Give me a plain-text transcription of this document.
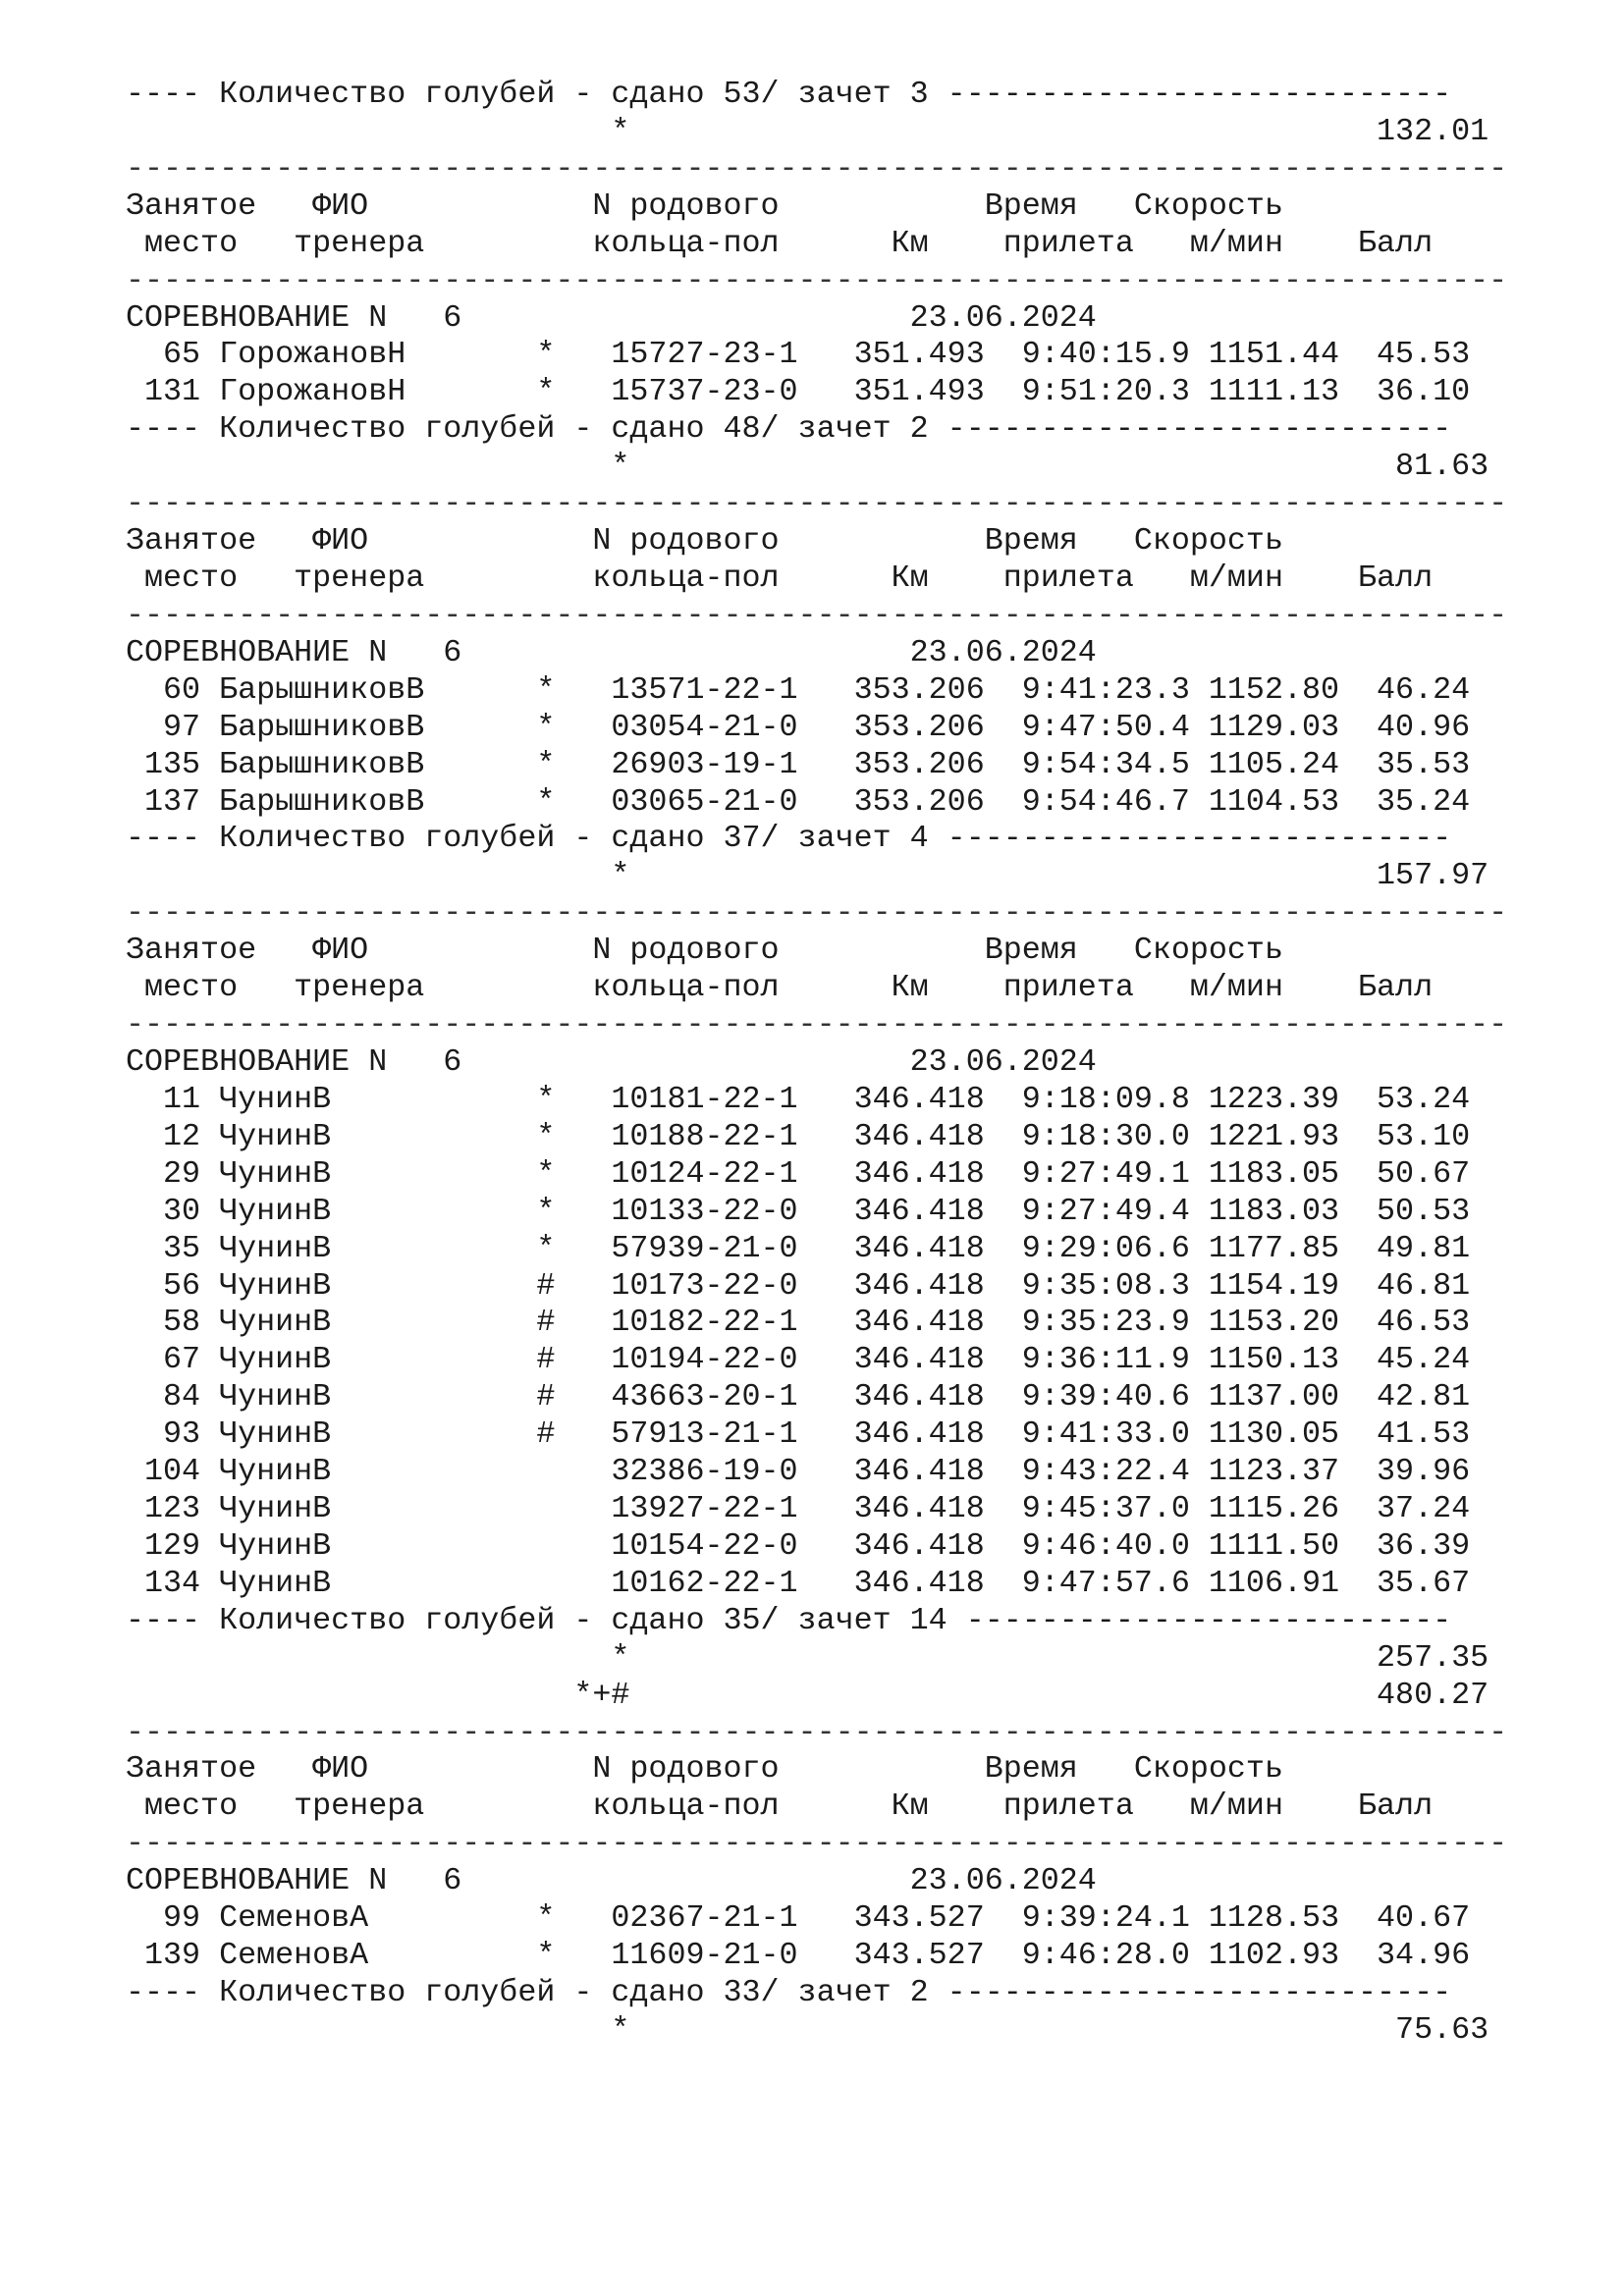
---- Количество голубей - сдано 53/ зачет 3 ---------------------------
*                                        132.01
--------------------------------------------------------------------------
Занятое   ФИО            N родового           Время   Скорость
место   тренера         кольца-пол      Км    прилета   м/мин    Балл
--------------------------------------------------------------------------
СОРЕВНОВАНИЕ N   6                        23.06.2024
65 ГорожановН       *   15727-23-1   351.493  9:40:15.9 1151.44  45.53
131 ГорожановН       *   15737-23-0   351.493  9:51:20.3 1111.13  36.10
---- Количество голубей - сдано 48/ зачет 2 ---------------------------
*                                         81.63
--------------------------------------------------------------------------
Занятое   ФИО            N родового           Время   Скорость
место   тренера         кольца-пол      Км    прилета   м/мин    Балл
--------------------------------------------------------------------------
СОРЕВНОВАНИЕ N   6                        23.06.2024
60 БарышниковВ      *   13571-22-1   353.206  9:41:23.3 1152.80  46.24
97 БарышниковВ      *   03054-21-0   353.206  9:47:50.4 1129.03  40.96
135 БарышниковВ      *   26903-19-1   353.206  9:54:34.5 1105.24  35.53
137 БарышниковВ      *   03065-21-0   353.206  9:54:46.7 1104.53  35.24
---- Количество голубей - сдано 37/ зачет 4 ---------------------------
*                                        157.97
--------------------------------------------------------------------------
Занятое   ФИО            N родового           Время   Скорость
место   тренера         кольца-пол      Км    прилета   м/мин    Балл
--------------------------------------------------------------------------
СОРЕВНОВАНИЕ N   6                        23.06.2024
11 ЧунинВ           *   10181-22-1   346.418  9:18:09.8 1223.39  53.24
12 ЧунинВ           *   10188-22-1   346.418  9:18:30.0 1221.93  53.10
29 ЧунинВ           *   10124-22-1   346.418  9:27:49.1 1183.05  50.67
30 ЧунинВ           *   10133-22-0   346.418  9:27:49.4 1183.03  50.53
35 ЧунинВ           *   57939-21-0   346.418  9:29:06.6 1177.85  49.81
56 ЧунинВ           #   10173-22-0   346.418  9:35:08.3 1154.19  46.81
58 ЧунинВ           #   10182-22-1   346.418  9:35:23.9 1153.20  46.53
67 ЧунинВ           #   10194-22-0   346.418  9:36:11.9 1150.13  45.24
84 ЧунинВ           #   43663-20-1   346.418  9:39:40.6 1137.00  42.81
93 ЧунинВ           #   57913-21-1   346.418  9:41:33.0 1130.05  41.53
104 ЧунинВ               32386-19-0   346.418  9:43:22.4 1123.37  39.96
123 ЧунинВ               13927-22-1   346.418  9:45:37.0 1115.26  37.24
129 ЧунинВ               10154-22-0   346.418  9:46:40.0 1111.50  36.39
134 ЧунинВ               10162-22-1   346.418  9:47:57.6 1106.91  35.67
---- Количество голубей - сдано 35/ зачет 14 --------------------------
*                                        257.35
*+#                                        480.27
--------------------------------------------------------------------------
Занятое   ФИО            N родового           Время   Скорость
место   тренера         кольца-пол      Км    прилета   м/мин    Балл
--------------------------------------------------------------------------
СОРЕВНОВАНИЕ N   6                        23.06.2024
99 СеменовА         *   02367-21-1   343.527  9:39:24.1 1128.53  40.67
139 СеменовА         *   11609-21-0   343.527  9:46:28.0 1102.93  34.96
---- Количество голубей - сдано 33/ зачет 2 ---------------------------
*                                         75.63
